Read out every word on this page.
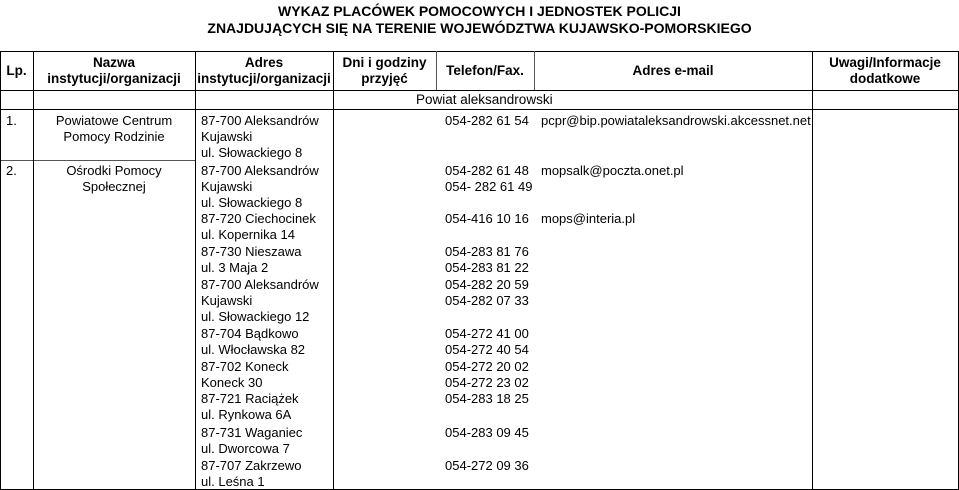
WYKAZ PLACÓWEK POMOCOWYCH I JEDNOSTEK POLICJI
ZNAJDUJĄCYCH SIĘ NA TERENIE WOJEWÓDZTWA KUJAWSKO-POMORSKIEGO
Lp.
Nazwa
instytucji/organizacji
Adres
instytucji/organizacji
Dni i godziny
przyjęć
Telefon/Fax.	Adres e-mail
Uwagi/Informacje
dodatkowe
Powiat aleksandrowski
1.
2.
Powiatowe Centrum
Pomocy Rodzinie
Ośrodki Pomocy
Społecznej
87-700 Aleksandrów
Kujawski
ul. Słowackiego 8
87-700 Aleksandrów
Kujawski
ul. Słowackiego 8
87-720 Ciechocinek
ul. Kopernika 14
87-730 Nieszawa
ul. 3 Maja 2
87-700 Aleksandrów
Kujawski
ul. Słowackiego 12
87-704 Bądkowo
ul. Włocławska 82
87-702 Koneck
Koneck 30
87-721 Raciążek
ul. Rynkowa 6A
87-731 Waganiec
ul. Dworcowa 7
87-707 Zakrzewo
ul. Leśna 1
054-282 61 54
054-282 61 48
054- 282 61 49
054-416 10 16
054-283 81 76
054-283 81 22
054-282 20 59
054-282 07 33
054-272 41 00
054-272 40 54
054-272 20 02
054-272 23 02
054-283 18 25
054-283 09 45
054-272 09 36
pcpr@bip.powiataleksandrowski.akcessnet.net
mopsalk@poczta.onet.pl
mops@interia.pl
